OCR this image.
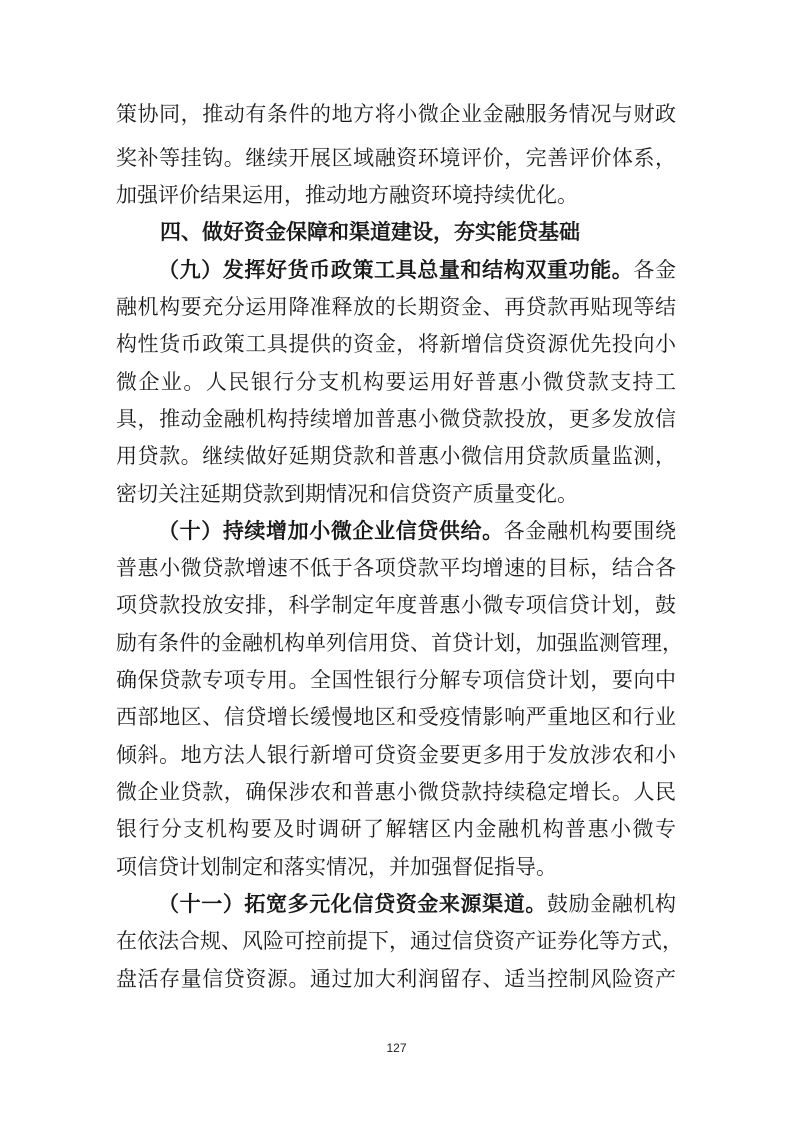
策协同，推动有条件的地方将小微企业金融服务情况与财政

奖补等挂钩。继续开展区域融资环境评价，完善评价体系，

加强评价结果运用，推动地方融资环境持续优化。

四、做好资金保障和渠道建设，夯实能贷基础

（九）发挥好货币政策工具总量和结构双重功能。各金

融机构要充分运用降准释放的长期资金、再贷款再贴现等结

构性货币政策工具提供的资金，将新增信贷资源优先投向小

微企业。人民银行分支机构要运用好普惠小微贷款支持工

具，推动金融机构持续增加普惠小微贷款投放，更多发放信

用贷款。继续做好延期贷款和普惠小微信用贷款质量监测，

密切关注延期贷款到期情况和信贷资产质量变化。

（十）持续增加小微企业信贷供给。各金融机构要围绕

普惠小微贷款增速不低于各项贷款平均增速的目标，结合各

项贷款投放安排，科学制定年度普惠小微专项信贷计划，鼓

励有条件的金融机构单列信用贷、首贷计划，加强监测管理，

确保贷款专项专用。全国性银行分解专项信贷计划，要向中

西部地区、信贷增长缓慢地区和受疫情影响严重地区和行业

倾斜。地方法人银行新增可贷资金要更多用于发放涉农和小

微企业贷款，确保涉农和普惠小微贷款持续稳定增长。人民

银行分支机构要及时调研了解辖区内金融机构普惠小微专

项信贷计划制定和落实情况，并加强督促指导。

（十一）拓宽多元化信贷资金来源渠道。鼓励金融机构

在依法合规、风险可控前提下，通过信贷资产证券化等方式，

盘活存量信贷资源。通过加大利润留存、适当控制风险资产

127
